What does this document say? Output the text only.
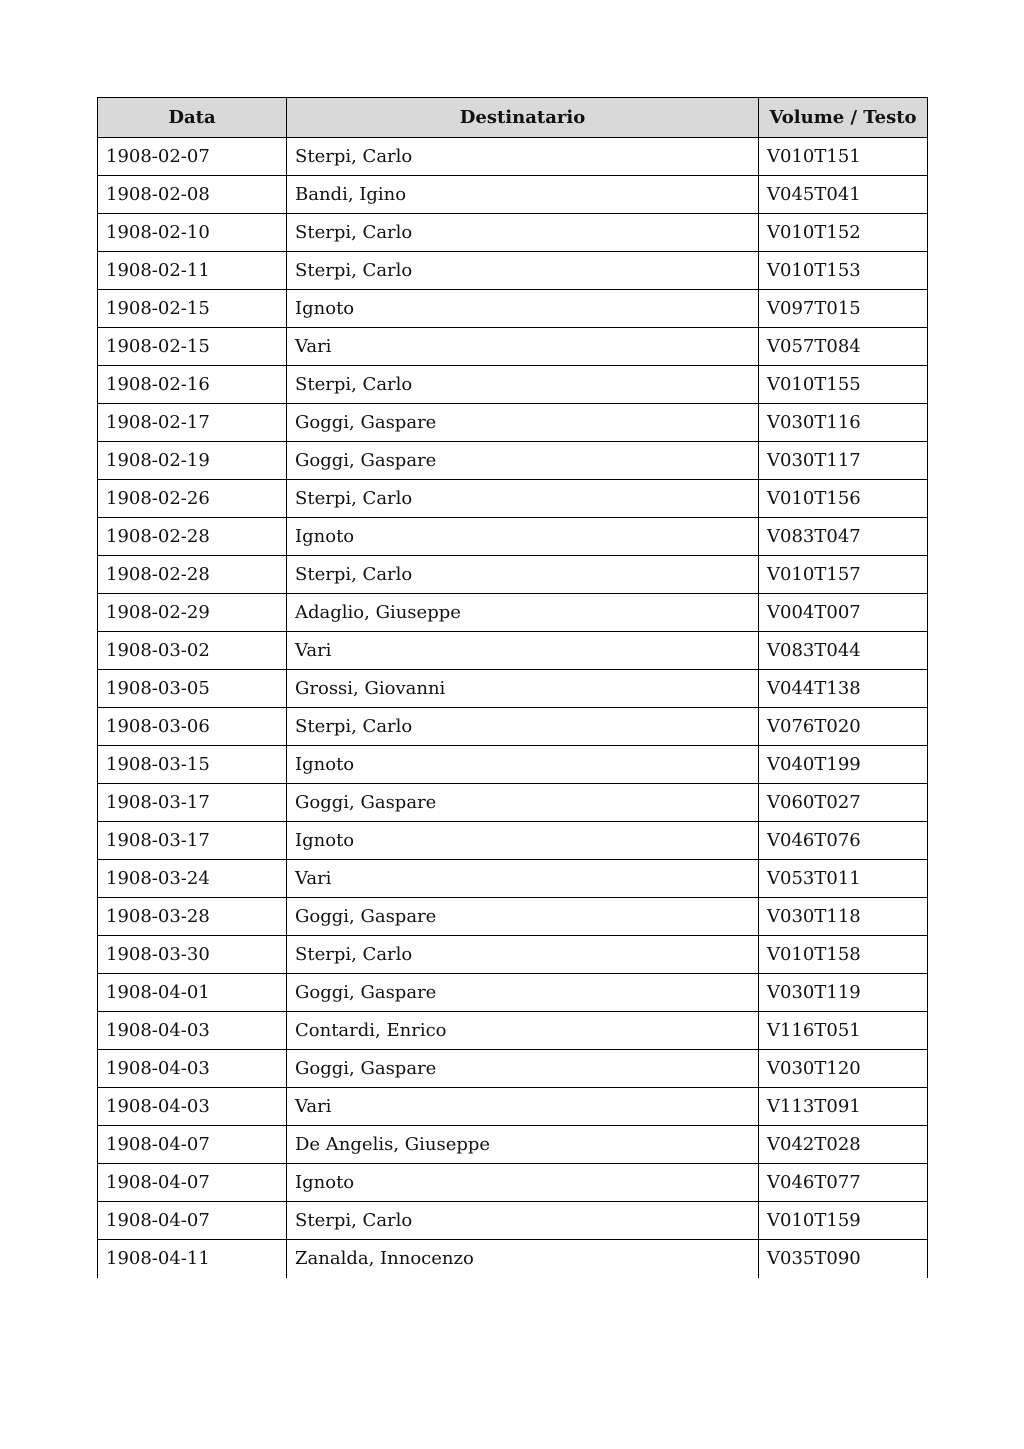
Data	Destinatario	Volume / Testo
1908-02-07	Sterpi, Carlo	V010T151
1908-02-08	Bandi, Igino	V045T041
1908-02-10	Sterpi, Carlo	V010T152
1908-02-11	Sterpi, Carlo	V010T153
1908-02-15	Ignoto	V097T015
1908-02-15	Vari	V057T084
1908-02-16	Sterpi, Carlo	V010T155
1908-02-17	Goggi, Gaspare	V030T116
1908-02-19	Goggi, Gaspare	V030T117
1908-02-26	Sterpi, Carlo	V010T156
1908-02-28	Ignoto	V083T047
1908-02-28	Sterpi, Carlo	V010T157
1908-02-29	Adaglio, Giuseppe	V004T007
1908-03-02	Vari	V083T044
1908-03-05	Grossi, Giovanni	V044T138
1908-03-06	Sterpi, Carlo	V076T020
1908-03-15	Ignoto	V040T199
1908-03-17	Goggi, Gaspare	V060T027
1908-03-17	Ignoto	V046T076
1908-03-24	Vari	V053T011
1908-03-28	Goggi, Gaspare	V030T118
1908-03-30	Sterpi, Carlo	V010T158
1908-04-01	Goggi, Gaspare	V030T119
1908-04-03	Contardi, Enrico	V116T051
1908-04-03	Goggi, Gaspare	V030T120
1908-04-03	Vari	V113T091
1908-04-07	De Angelis, Giuseppe	V042T028
1908-04-07	Ignoto	V046T077
1908-04-07	Sterpi, Carlo	V010T159
1908-04-11	Zanalda, Innocenzo	V035T090
